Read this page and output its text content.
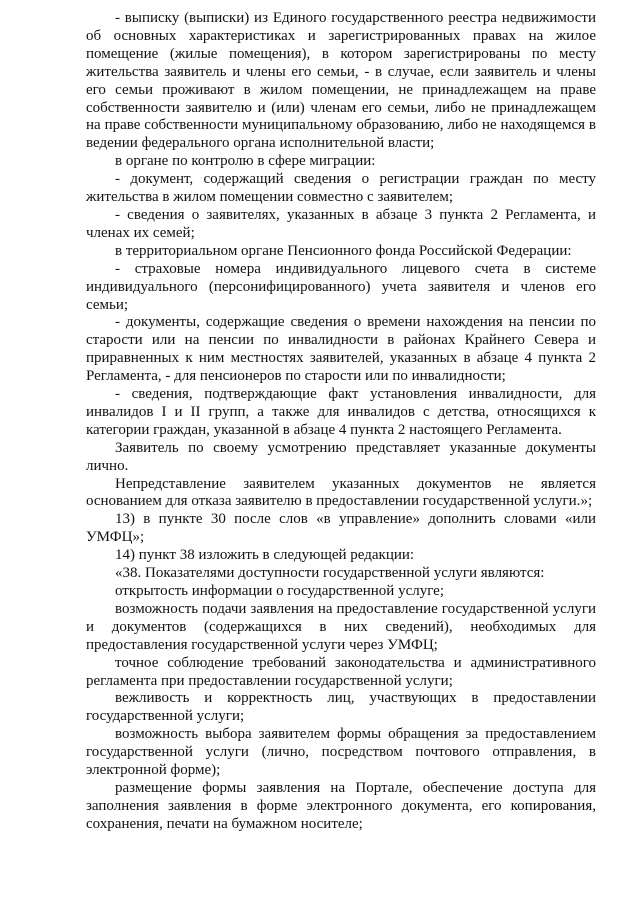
- выписку (выписки) из Единого государственного реестра недвижимости об основных характеристиках и зарегистрированных правах на жилое помещение (жилые помещения), в котором зарегистрированы по месту жительства заявитель и члены его семьи, - в случае, если заявитель и члены его семьи проживают в жилом помещении, не принадлежащем на праве собственности заявителю и (или) членам его семьи, либо не принадлежащем на праве собственности муниципальному образованию, либо не находящемся в ведении федерального органа исполнительной власти;

в органе по контролю в сфере миграции:

- документ, содержащий сведения о регистрации граждан по месту жительства в жилом помещении совместно с заявителем;

- сведения о заявителях, указанных в абзаце 3 пункта 2 Регламента, и членах их семей;

в территориальном органе Пенсионного фонда Российской Федерации:

- страховые номера индивидуального лицевого счета в системе индивидуального (персонифицированного) учета заявителя и членов его семьи;

- документы, содержащие сведения о времени нахождения на пенсии по старости или на пенсии по инвалидности в районах Крайнего Севера и приравненных к ним местностях заявителей, указанных в абзаце 4 пункта 2 Регламента, - для пенсионеров по старости или по инвалидности;

- сведения, подтверждающие факт установления инвалидности, для инвалидов I и II групп, а также для инвалидов с детства, относящихся к категории граждан, указанной в абзаце 4 пункта 2 настоящего Регламента.

Заявитель по своему усмотрению представляет указанные документы лично.

Непредставление заявителем указанных документов не является основанием для отказа заявителю в предоставлении государственной услуги.»;

13) в пункте 30 после слов «в управление» дополнить словами «или УМФЦ»;

14) пункт 38 изложить в следующей редакции:

«38. Показателями доступности государственной услуги являются:

открытость информации о государственной услуге;

возможность подачи заявления на предоставление государственной услуги и документов (содержащихся в них сведений), необходимых для предоставления государственной услуги через УМФЦ;

точное соблюдение требований законодательства и административного регламента при предоставлении государственной услуги;

вежливость и корректность лиц, участвующих в предоставлении государственной услуги;

возможность выбора заявителем формы обращения за предоставлением государственной услуги (лично, посредством почтового отправления, в электронной форме);

размещение формы заявления на Портале, обеспечение доступа для заполнения заявления в форме электронного документа, его копирования, сохранения, печати на бумажном носителе;
